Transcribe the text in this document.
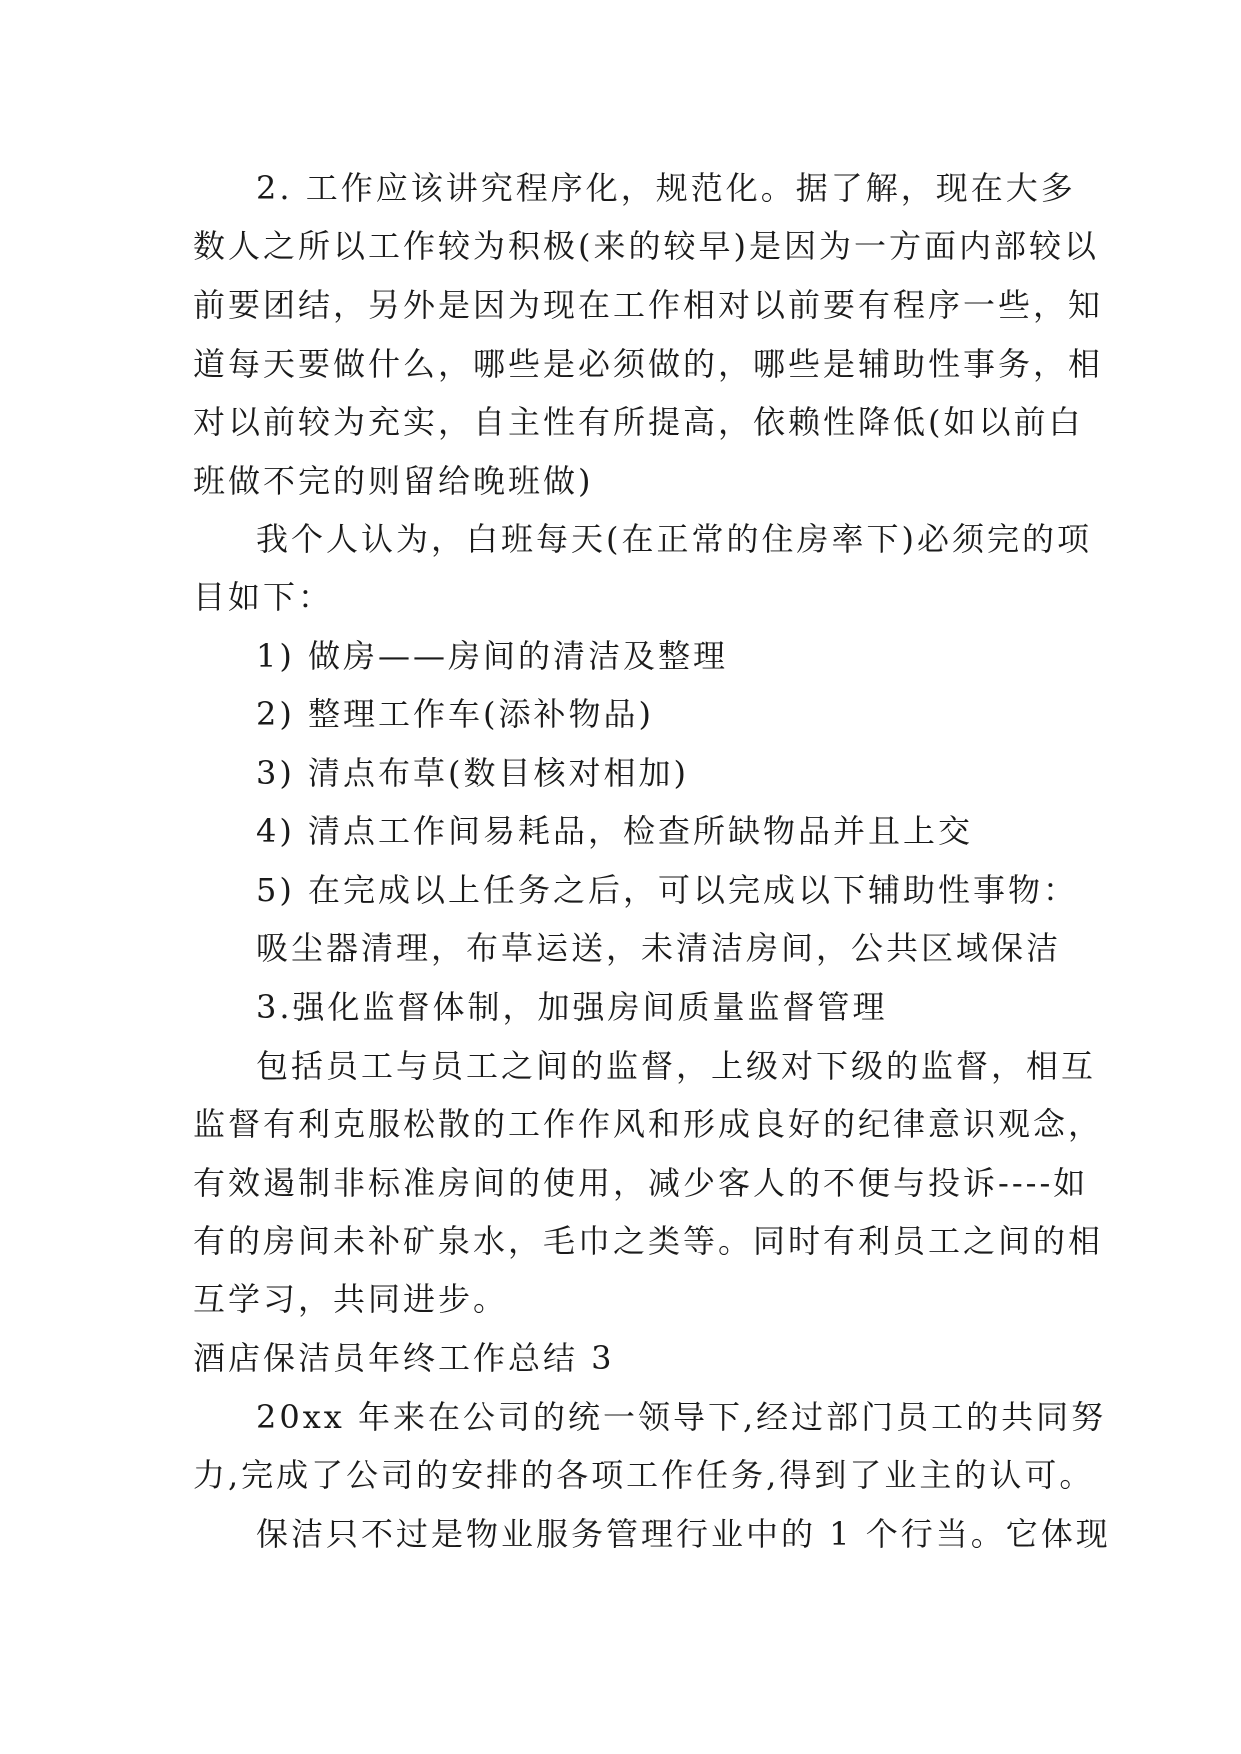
2. 工作应该讲究程序化，规范化。据了解，现在大多
数人之所以工作较为积极(来的较早)是因为一方面内部较以
前要团结，另外是因为现在工作相对以前要有程序一些，知
道每天要做什么，哪些是必须做的，哪些是辅助性事务，相
对以前较为充实，自主性有所提高，依赖性降低(如以前白
班做不完的则留给晚班做)
我个人认为，白班每天(在正常的住房率下)必须完的项
目如下：
1) 做房——房间的清洁及整理
2) 整理工作车(添补物品)
3) 清点布草(数目核对相加)
4) 清点工作间易耗品，检查所缺物品并且上交
5) 在完成以上任务之后，可以完成以下辅助性事物：
吸尘器清理，布草运送，未清洁房间，公共区域保洁
3.强化监督体制，加强房间质量监督管理
包括员工与员工之间的监督，上级对下级的监督，相互
监督有利克服松散的工作作风和形成良好的纪律意识观念，
有效遏制非标准房间的使用，减少客人的不便与投诉----如
有的房间未补矿泉水，毛巾之类等。同时有利员工之间的相
互学习，共同进步。
酒店保洁员年终工作总结 3
20xx 年来在公司的统一领导下,经过部门员工的共同努
力,完成了公司的安排的各项工作任务,得到了业主的认可。
保洁只不过是物业服务管理行业中的 1 个行当。它体现
